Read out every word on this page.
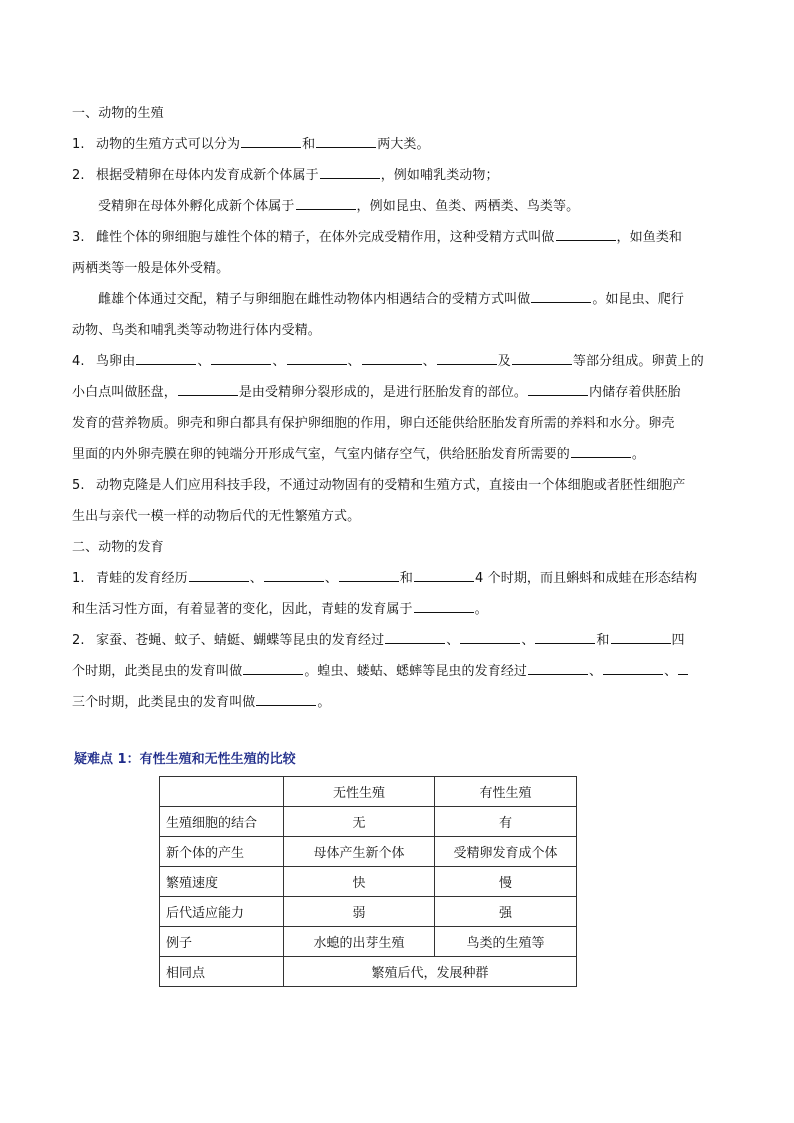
一、动物的生殖
1. 动物的生殖方式可以分为	和	两大类。
2. 根据受精卵在母体内发育成新个体属于	，例如哺乳类动物；
受精卵在母体外孵化成新个体属于	，例如昆虫、鱼类、两栖类、鸟类等。
3. 雌性个体的卵细胞与雄性个体的精子，在体外完成受精作用，这种受精方式叫做	，如鱼类和
两栖类等一般是体外受精。
雌雄个体通过交配，精子与卵细胞在雌性动物体内相遇结合的受精方式叫做	。如昆虫、爬行
动物、鸟类和哺乳类等动物进行体内受精。
4. 鸟卵由	、	、	、	、	及	等部分组成。卵黄上的
小白点叫做胚盘，	是由受精卵分裂形成的，是进行胚胎发育的部位。	内储存着供胚胎
发育的营养物质。卵壳和卵白都具有保护卵细胞的作用，卵白还能供给胚胎发育所需的养料和水分。卵壳
里面的内外卵壳膜在卵的钝端分开形成气室，气室内储存空气，供给胚胎发育所需要的	。
5. 动物克隆是人们应用科技手段，不通过动物固有的受精和生殖方式，直接由一个体细胞或者胚性细胞产
生出与亲代一模一样的动物后代的无性繁殖方式。
二、动物的发育
1. 青蛙的发育经历	、	、	和	4 个时期，而且蝌蚪和成蛙在形态结构
和生活习性方面，有着显著的变化，因此，青蛙的发育属于	。
2. 家蚕、苍蝇、蚊子、蜻蜓、蝴蝶等昆虫的发育经过	、	、	和	四
个时期，此类昆虫的发育叫做	。蝗虫、蝼蛄、蟋蟀等昆虫的发育经过	、	、
三个时期，此类昆虫的发育叫做	。
疑难点 1：有性生殖和无性生殖的比较
	无性生殖	有性生殖
生殖细胞的结合	无	有
新个体的产生	母体产生新个体	受精卵发育成个体
繁殖速度	快	慢
后代适应能力	弱	强
例子	水螅的出芽生殖	鸟类的生殖等
相同点	繁殖后代，发展种群	
